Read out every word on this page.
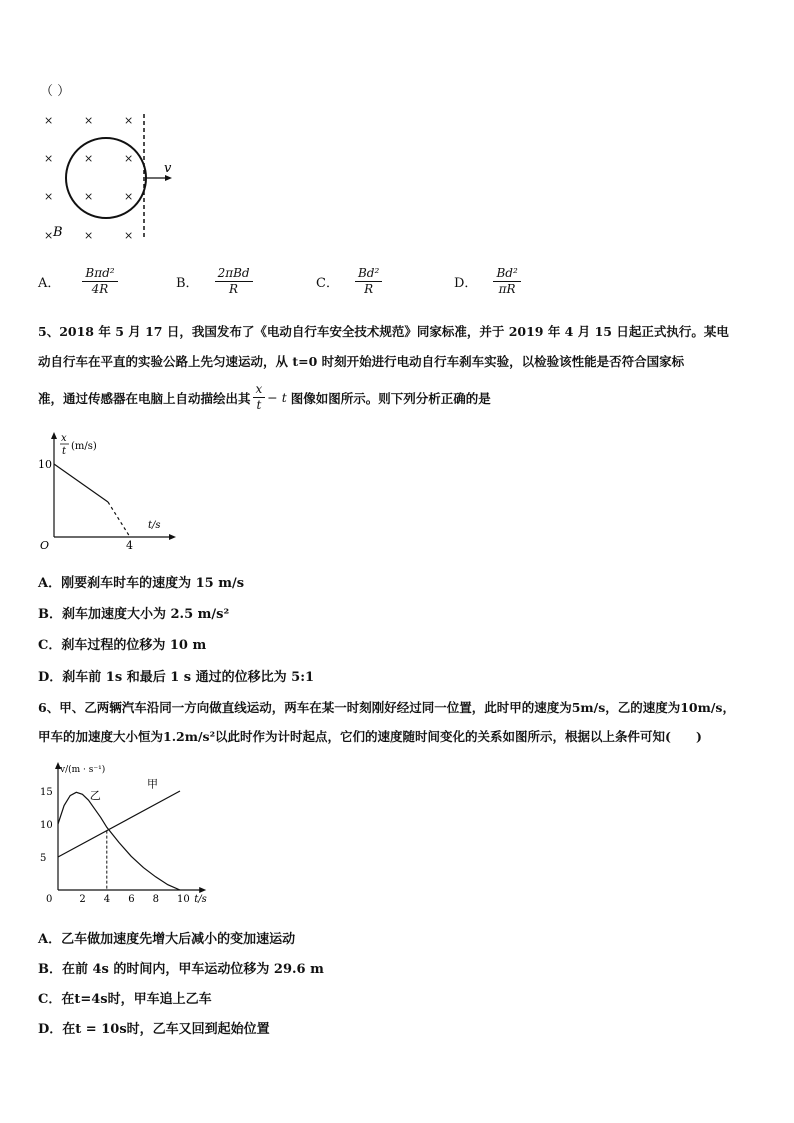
（ ）
×	×	×
×	×	×
×	×	×
×	×	×
v
B
A． $\frac{\text{Bπd²}}{4R}$	B． $\frac{\text{2πBd}}{R}$	C． $\frac{\text{Bd²}}{R}$	D． $\frac{\text{Bd²}}{\pi R}$
5、2018 年 5 月 17 日，我国发布了《电动自行车安全技术规范》同家标准，并于 2019 年 4 月 15 日起正式执行。某电
动自行车在平直的实验公路上先匀速运动，从 t=0 时刻开始进行电动自行车刹车实验，以检验该性能是否符合国家标
准，通过传感器在电脑上自动描绘出其 $\frac{x}{t} - t$ 图像如图所示。则下列分析正确的是
x
t (m/s)
10
t/s
O	4
A．刚要刹车时车的速度为 15 m/s
B．刹车加速度大小为 2.5 m/s²
C．刹车过程的位移为 10 m
D．刹车前 1s 和最后 1 s 通过的位移比为 5:1
6、甲、乙两辆汽车沿同一方向做直线运动，两车在某一时刻刚好经过同一位置，此时甲的速度为5m/s，乙的速度为10m/s，
甲车的加速度大小恒为1.2m/s²以此时作为计时起点，它们的速度随时间变化的关系如图所示，根据以上条件可知(　　)
v/(m · s⁻¹)
t/s
0	2 4 6 8 10
5
10
15
甲
乙
A．乙车做加速度先增大后减小的变加速运动
B．在前 4s 的时间内，甲车运动位移为 29.6 m
C．在t=4s时，甲车追上乙车
D．在t = 10s时，乙车又回到起始位置
